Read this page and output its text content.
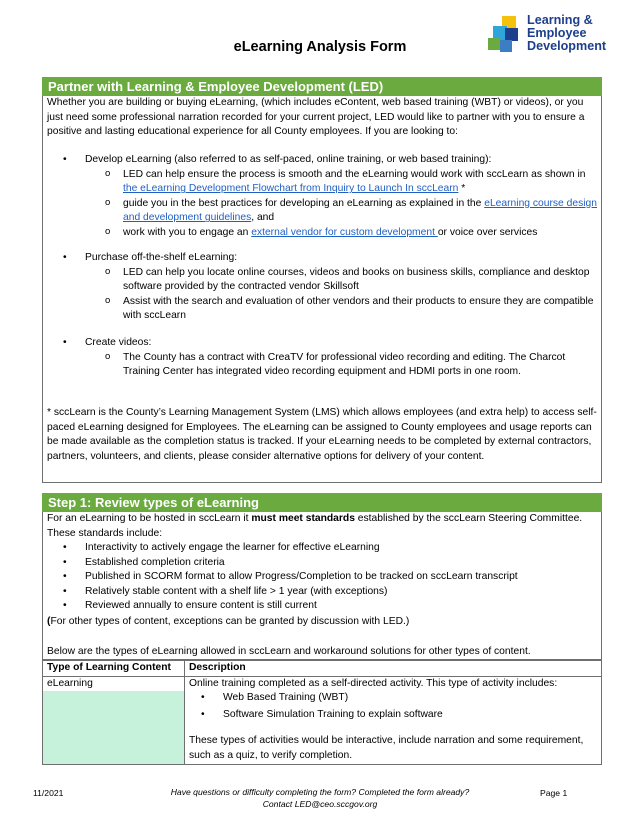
eLearning Analysis Form
Learning &
Employee
Development
Partner with Learning & Employee Development (LED)
Whether you are building or buying eLearning, (which includes eContent, web based training (WBT) or videos), or you just need some professional narration recorded for your current project, LED would like to partner with you to ensure a positive and lasting educational experience for all County employees. If you are looking to:
• Develop eLearning (also referred to as self-paced, online training, or web based training):
o LED can help ensure the process is smooth and the eLearning would work with sccLearn as shown in the eLearning Development Flowchart from Inquiry to Launch In sccLearn *
o guide you in the best practices for developing an eLearning as explained in the eLearning course design and development guidelines, and
o work with you to engage an external vendor for custom development or voice over services
• Purchase off-the-shelf eLearning:
o LED can help you locate online courses, videos and books on business skills, compliance and desktop software provided by the contracted vendor Skillsoft
o Assist with the search and evaluation of other vendors and their products to ensure they are compatible with sccLearn
• Create videos:
o The County has a contract with CreaTV for professional video recording and editing. The Charcot Training Center has integrated video recording equipment and HDMI ports in one room.
* sccLearn is the County’s Learning Management System (LMS) which allows employees (and extra help) to access self-paced eLearning designed for Employees. The eLearning can be assigned to County employees and usage reports can be made available as the completion status is tracked. If your eLearning needs to be completed by external contractors, partners, volunteers, and clients, please consider alternative options for delivery of your content.
Step 1: Review types of eLearning
For an eLearning to be hosted in sccLearn it must meet standards established by the sccLearn Steering Committee. These standards include:
• Interactivity to actively engage the learner for effective eLearning
• Established completion criteria
• Published in SCORM format to allow Progress/Completion to be tracked on sccLearn transcript
• Relatively stable content with a shelf life > 1 year (with exceptions)
• Reviewed annually to ensure content is still current
(For other types of content, exceptions can be granted by discussion with LED.)
Below are the types of eLearning allowed in sccLearn and workaround solutions for other types of content.
Type of Learning Content	Description

eLearning	Online training completed as a self-directed activity. This type of activity includes:
• Web Based Training (WBT)
• Software Simulation Training to explain software
These types of activities would be interactive, include narration and some requirement, such as a quiz, to verify completion.
11/2021	Have questions or difficulty completing the form? Completed the form already?
Contact LED@ceo.sccgov.org
Page 1
